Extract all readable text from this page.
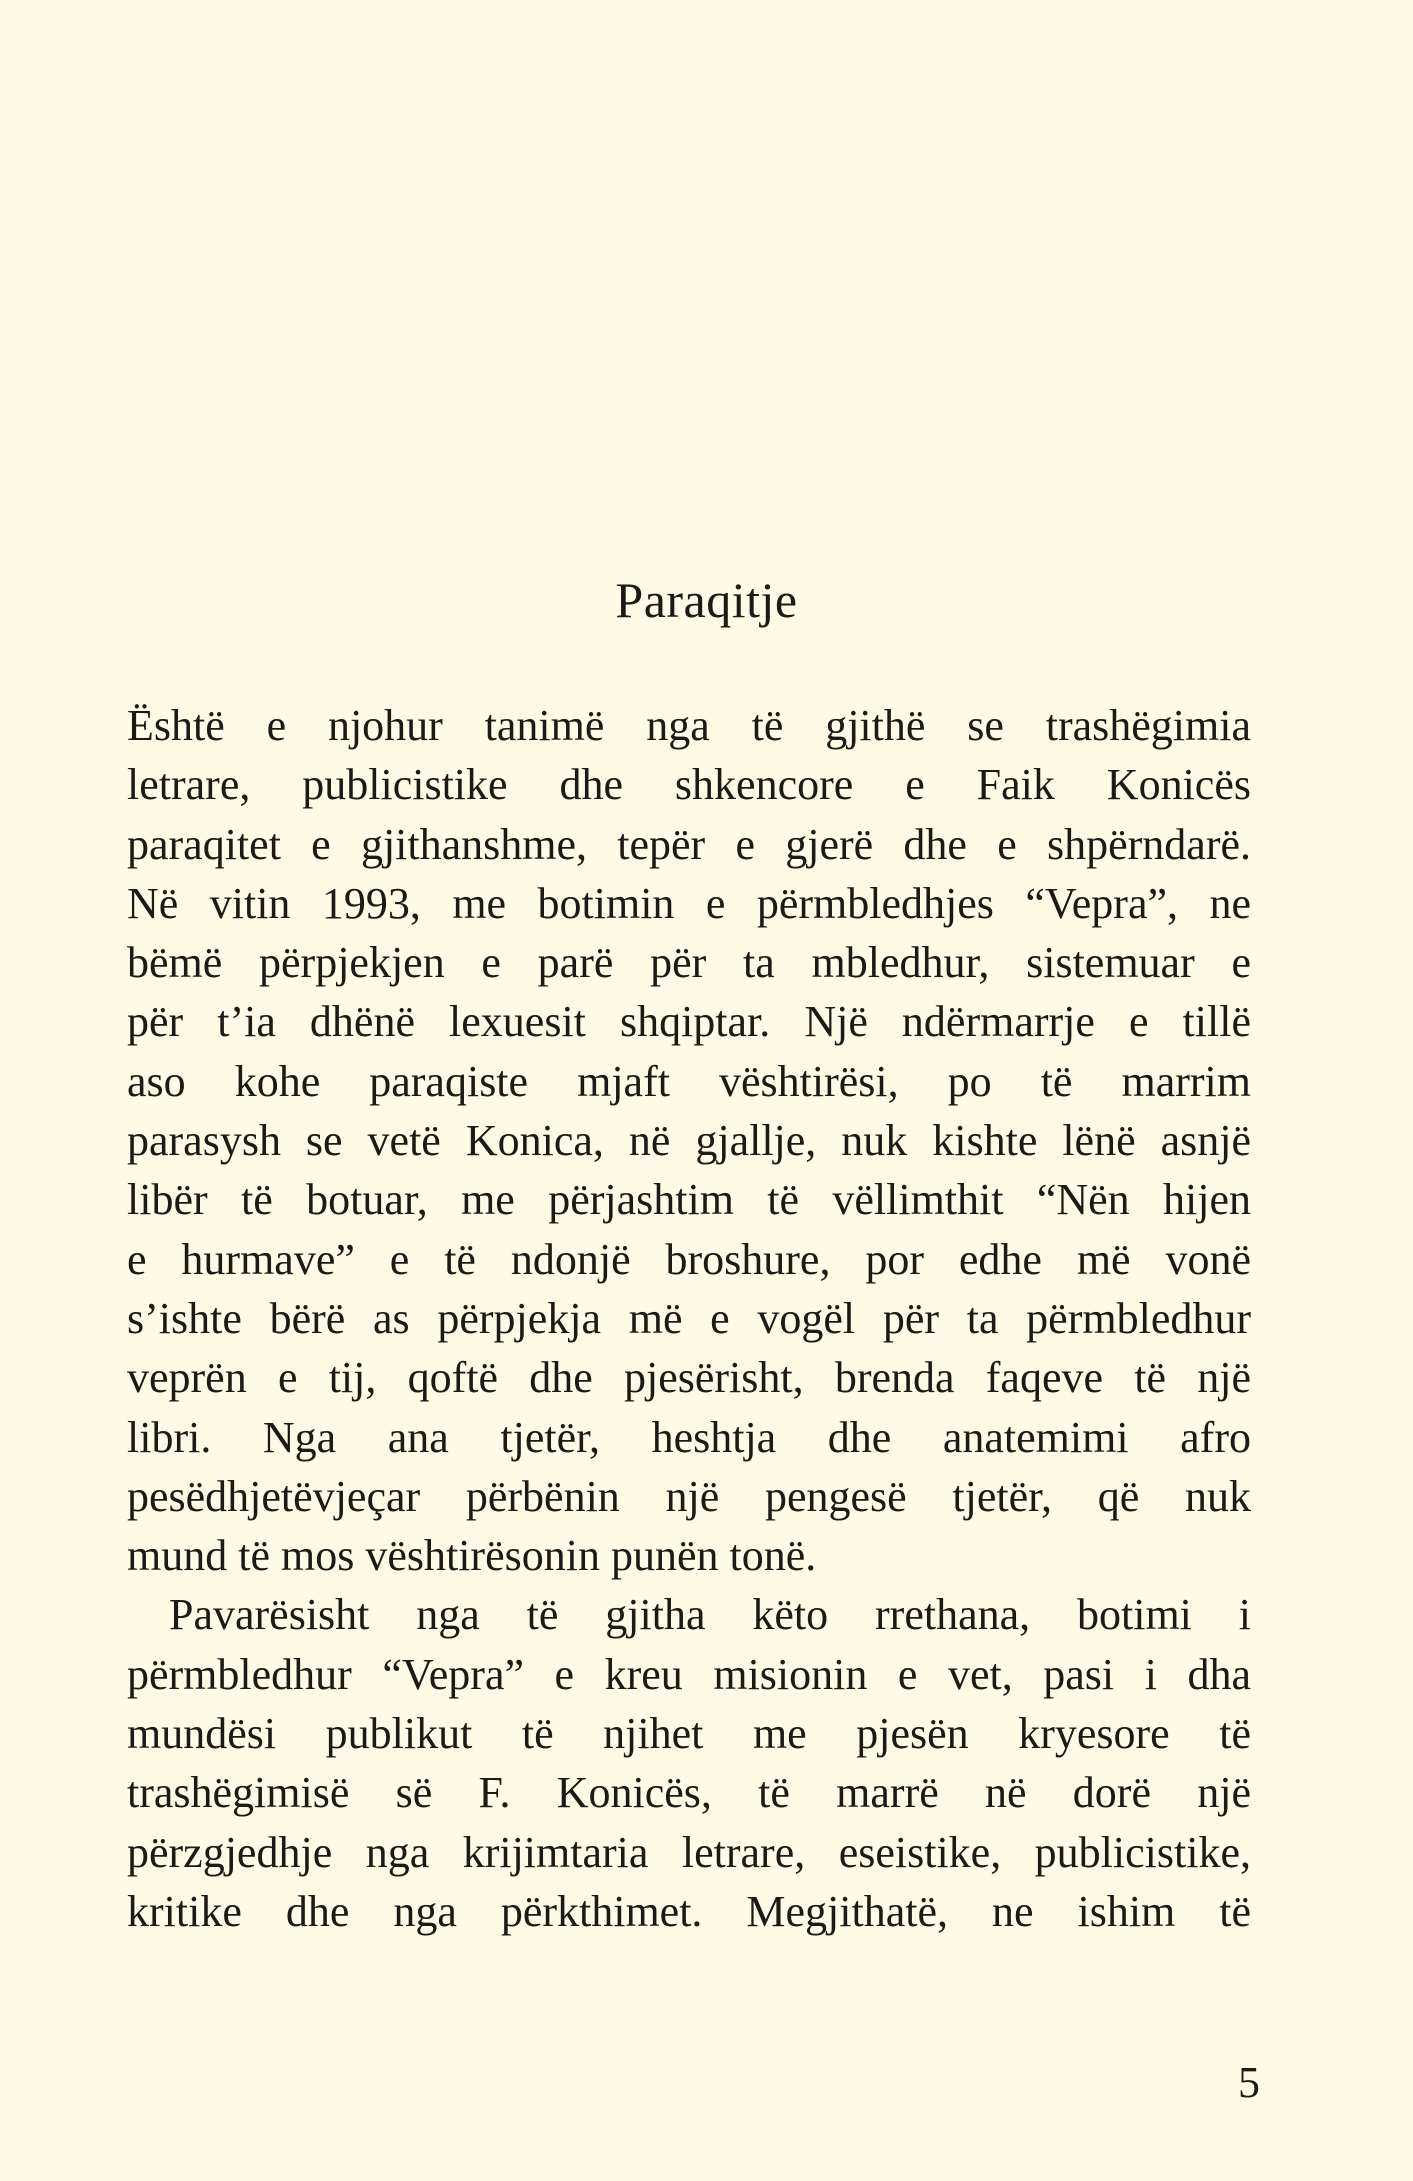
Paraqitje
Është e njohur tanimë nga të gjithë se trashëgimia
letrare, publicistike dhe shkencore e Faik Konicës
paraqitet e gjithanshme, tepër e gjerë dhe e shpërndarë.
Në vitin 1993, me botimin e përmbledhjes “Vepra”, ne
bëmë përpjekjen e parë për ta mbledhur, sistemuar e
për t’ia dhënë lexuesit shqiptar. Një ndërmarrje e tillë
aso kohe paraqiste mjaft vështirësi, po të marrim
parasysh se vetë Konica, në gjallje, nuk kishte lënë asnjë
libër të botuar, me përjashtim të vëllimthit “Nën hijen
e hurmave” e të ndonjë broshure, por edhe më vonë
s’ishte bërë as përpjekja më e vogël për ta përmbledhur
veprën e tij, qoftë dhe pjesërisht, brenda faqeve të një
libri. Nga ana tjetër, heshtja dhe anatemimi afro
pesëdhjetëvjeçar përbënin një pengesë tjetër, që nuk
mund të mos vështirësonin punën tonë.
Pavarësisht nga të gjitha këto rrethana, botimi i
përmbledhur “Vepra” e kreu misionin e vet, pasi i dha
mundësi publikut të njihet me pjesën kryesore të
trashëgimisë së F. Konicës, të marrë në dorë një
përzgjedhje nga krijimtaria letrare, eseistike, publicistike,
kritike dhe nga përkthimet. Megjithatë, ne ishim të
5
